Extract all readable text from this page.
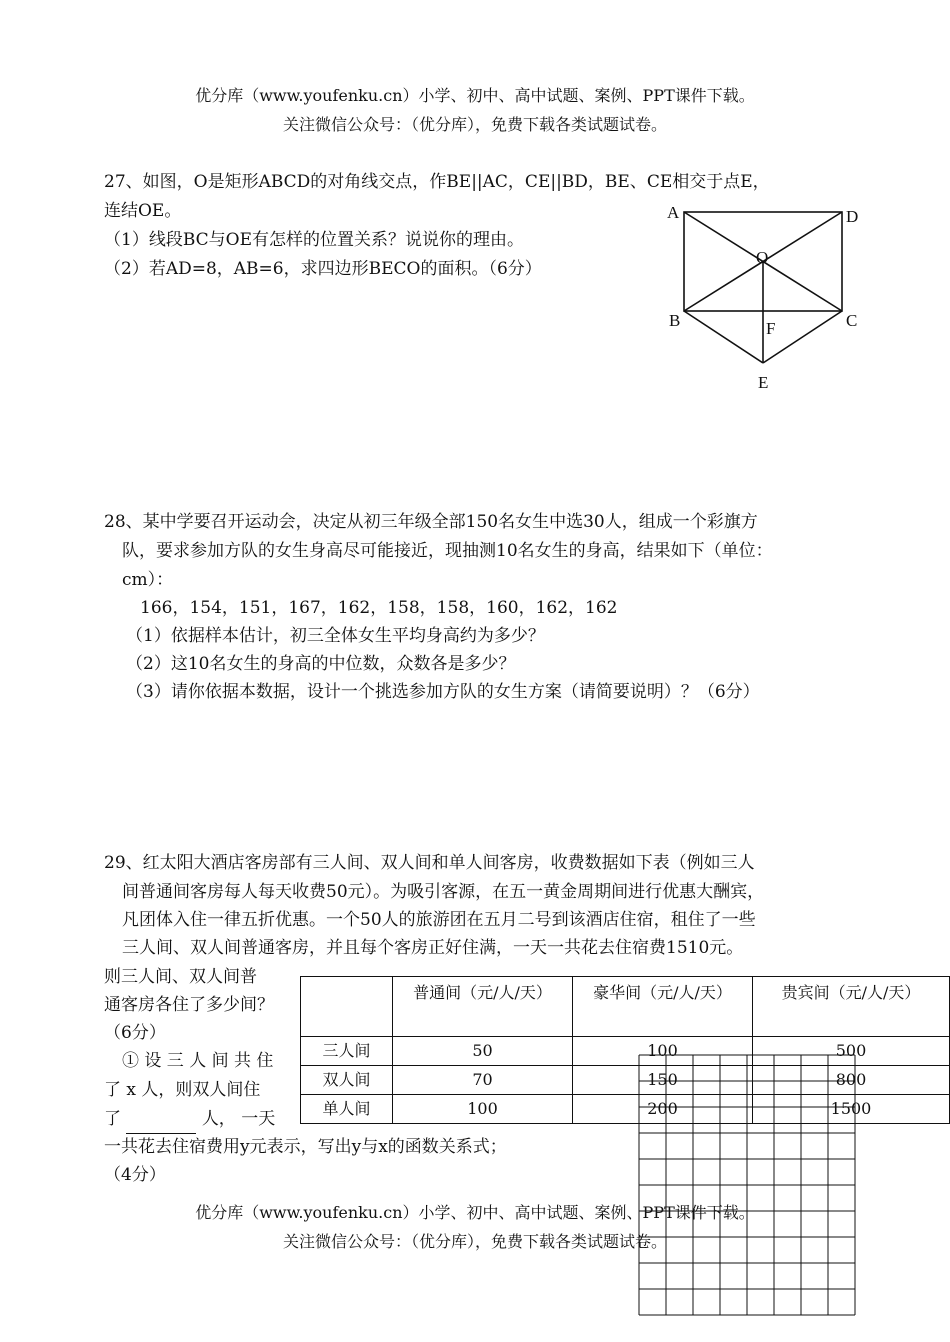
优分库（www.youfenku.cn）小学、初中、高中试题、案例、PPT课件下载。
关注微信公众号：（优分库），免费下载各类试题试卷。
27、如图，O是矩形ABCD的对角线交点，作BE||AC，CE||BD，BE、CE相交于点E，
连结OE。
（1）线段BC与OE有怎样的位置关系？说说你的理由。
（2）若AD=8，AB=6，求四边形BECO的面积。（6分）
A	D
O
B	C
F
E
28、某中学要召开运动会，决定从初三年级全部150名女生中选30人，组成一个彩旗方
队，要求参加方队的女生身高尽可能接近，现抽测10名女生的身高，结果如下（单位：
cm）：
166，154，151，167，162，158，158，160，162，162
（1）依据样本估计，初三全体女生平均身高约为多少？
（2）这10名女生的身高的中位数，众数各是多少？
（3）请你依据本数据，设计一个挑选参加方队的女生方案（请简要说明）？（6分）
29、红太阳大酒店客房部有三人间、双人间和单人间客房，收费数据如下表（例如三人
间普通间客房每人每天收费50元）。为吸引客源，在五一黄金周期间进行优惠大酬宾，
凡团体入住一律五折优惠。一个50人的旅游团在五月二号到该酒店住宿，租住了一些
三人间、双人间普通客房，并且每个客房正好住满，一天一共花去住宿费1510元。
则三人间、双人间普
通客房各住了多少间？
（6分）
① 设 三 人 间 共 住
了 x 人，则双人间住
了	人， 一天
一共花去住宿费用y元表示，写出y与x的函数关系式；
（4分）
	普通间（元/人/天）	豪华间（元/人/天）	贵宾间（元/人/天）
三人间	50	100	500
双人间	70	150	800
单人间	100	200	1500
优分库（www.youfenku.cn）小学、初中、高中试题、案例、PPT课件下载。
关注微信公众号：（优分库），免费下载各类试题试卷。
